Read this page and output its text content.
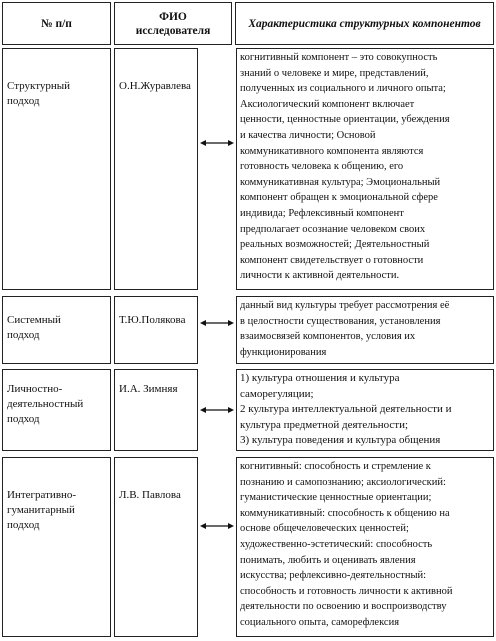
№ п/п
ФИО исследователя
Характеристика структурных компонентов
Структурный подход
О.Н.Журавлева
когнитивный компонент – это совокупность
знаний о человеке и мире, представлений,
полученных из социального и личного опыта;
Аксиологический компонент включает
ценности, ценностные ориентации, убеждения
и качества личности; Основой
коммуникативного компонента являются
готовность человека к общению, его
коммуникативная культура; Эмоциональный
компонент обращен к эмоциональной сфере
индивида; Рефлексивный компонент
предполагает осознание человеком своих
реальных возможностей; Деятельностный
компонент свидетельствует о готовности
личности к активной деятельности.
Системный подход
Т.Ю.Полякова
данный вид культуры требует рассмотрения её
в целостности существования, установления
взаимосвязей компонентов, условия их
функционирования
Личностно-деятельностный подход
И.А. Зимняя
1) культура отношения и культура
саморегуляции;
2 культура интеллектуальной деятельности и
культура предметной деятельности;
3) культура поведения и культура общения
Интегративно-гуманитарный подход
Л.В. Павлова
когнитивный: способность и стремление к
познанию и самопознанию; аксиологический:
гуманистические ценностные ориентации;
коммуникативный: способность к общению на
основе общечеловеческих ценностей;
художественно-эстетический: способность
понимать, любить и оценивать явления
искусства; рефлексивно-деятельностный:
способность и готовность личности к активной
деятельности по освоению и воспроизводству
социального опыта, саморефлексия
